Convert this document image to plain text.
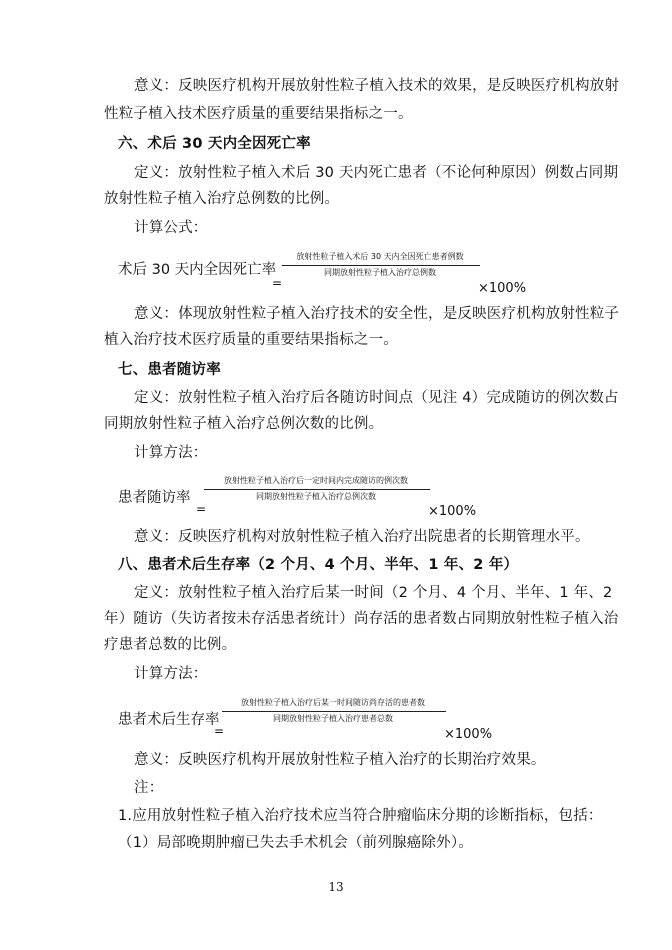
意义：反映医疗机构开展放射性粒子植入技术的效果，是反映医疗机构放射
性粒子植入技术医疗质量的重要结果指标之一。
六、术后 30 天内全因死亡率
定义：放射性粒子植入术后 30 天内死亡患者（不论何种原因）例数占同期
放射性粒子植入治疗总例数的比例。
计算公式：
放射性粒子植入术后 30 天内全因死亡患者例数
同期放射性粒子植入治疗总例数
术后 30 天内全因死亡率
=	×100%
意义：体现放射性粒子植入治疗技术的安全性，是反映医疗机构放射性粒子
植入治疗技术医疗质量的重要结果指标之一。
七、患者随访率
定义：放射性粒子植入治疗后各随访时间点（见注 4）完成随访的例次数占
同期放射性粒子植入治疗总例次数的比例。
计算方法：
放射性粒子植入治疗后一定时间内完成随访的例次数
同期放射性粒子植入治疗总例次数
患者随访率
=	×100%
意义：反映医疗机构对放射性粒子植入治疗出院患者的长期管理水平。
八、患者术后生存率（2 个月、4 个月、半年、1 年、2 年）
定义：放射性粒子植入治疗后某一时间（2 个月、4 个月、半年、1 年、2
年）随访（失访者按未存活患者统计）尚存活的患者数占同期放射性粒子植入治
疗患者总数的比例。
计算方法：
放射性粒子植入治疗后某一时间随访尚存活的患者数
同期放射性粒子植入治疗患者总数
患者术后生存率
=	×100%
意义：反映医疗机构开展放射性粒子植入治疗的长期治疗效果。
注：
1.应用放射性粒子植入治疗技术应当符合肿瘤临床分期的诊断指标，包括：
（1）局部晚期肿瘤已失去手术机会（前列腺癌除外）。
13
